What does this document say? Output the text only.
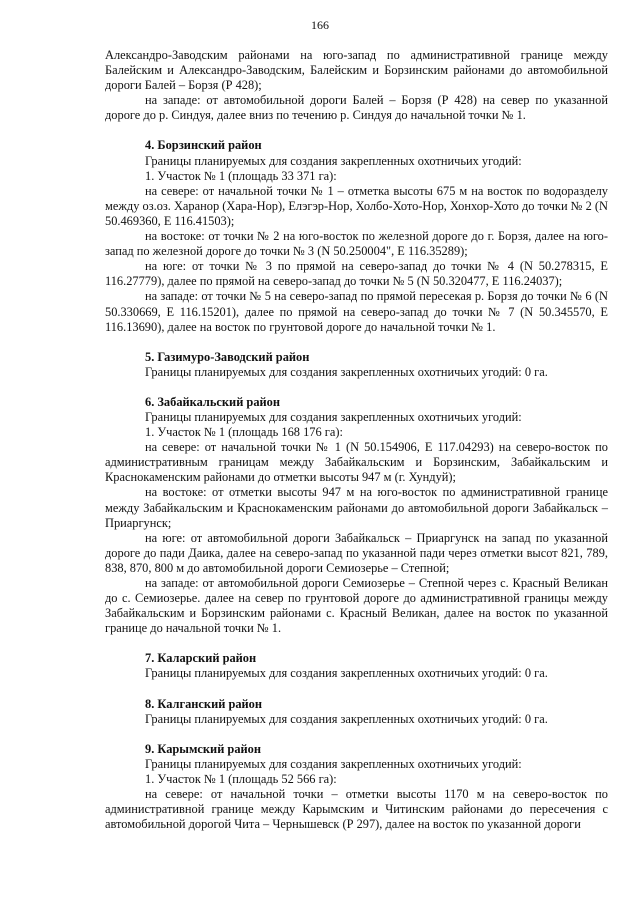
166
Александро-Заводским районами на юго-запад по административной границе между Балейским и Александро-Заводским, Балейским и Борзинским районами до автомобильной дороги Балей – Борзя (Р 428);
на западе: от автомобильной дороги Балей – Борзя (Р 428) на север по указанной дороге до р. Синдуя, далее вниз по течению р. Синдуя до начальной точки № 1.
4. Борзинский район
Границы планируемых для создания закрепленных охотничьих угодий:
1. Участок № 1 (площадь 33 371 га):
на севере: от начальной точки № 1 – отметка высоты 675 м на восток по водоразделу между оз.оз. Харанор (Хара-Нор), Елэгэр-Нор, Холбо-Хото-Нор, Хонхор-Хото до точки № 2 (N 50.469360, E 116.41503);
на востоке: от точки № 2 на юго-восток по железной дороге до г. Борзя, далее на юго-запад по железной дороге до точки № 3 (N 50.250004", E 116.35289);
на юге: от точки № 3 по прямой на северо-запад до точки № 4 (N 50.278315, E 116.27779), далее по прямой на северо-запад до точки № 5 (N 50.320477, E 116.24037);
на западе: от точки № 5 на северо-запад по прямой пересекая р. Борзя до точки № 6 (N 50.330669, E 116.15201), далее по прямой на северо-запад до точки № 7 (N 50.345570, E 116.13690), далее на восток по грунтовой дороге до начальной точки № 1.
5. Газимуро-Заводский район
Границы планируемых для создания закрепленных охотничьих угодий: 0 га.
6. Забайкальский район
Границы планируемых для создания закрепленных охотничьих угодий:
1. Участок № 1 (площадь 168 176 га):
на севере: от начальной точки № 1 (N 50.154906, E 117.04293) на северо-восток по административным границам между Забайкальским и Борзинским, Забайкальским и Краснокаменским районами до отметки высоты 947 м (г. Хундуй);
на востоке: от отметки высоты 947 м на юго-восток по административной границе между Забайкальским и Краснокаменским районами до автомобильной дороги Забайкальск – Приаргунск;
на юге: от автомобильной дороги Забайкальск – Приаргунск на запад по указанной дороге до пади Даика, далее на северо-запад по указанной пади через отметки высот 821, 789, 838, 870, 800 м до автомобильной дороги Семиозерье – Степной;
на западе: от автомобильной дороги Семиозерье – Степной через с. Красный Великан до с. Семиозерье. далее на север по грунтовой дороге до административной границы между Забайкальским и Борзинским районами с. Красный Великан, далее на восток по указанной границе до начальной точки № 1.
7. Каларский район
Границы планируемых для создания закрепленных охотничьих угодий: 0 га.
8. Калганский район
Границы планируемых для создания закрепленных охотничьих угодий: 0 га.
9. Карымский район
Границы планируемых для создания закрепленных охотничьих угодий:
1. Участок № 1 (площадь 52 566 га):
на севере: от начальной точки – отметки высоты 1170 м на северо-восток по административной границе между Карымским и Читинским районами до пересечения с автомобильной дорогой Чита – Чернышевск (Р 297), далее на восток по указанной дороги
